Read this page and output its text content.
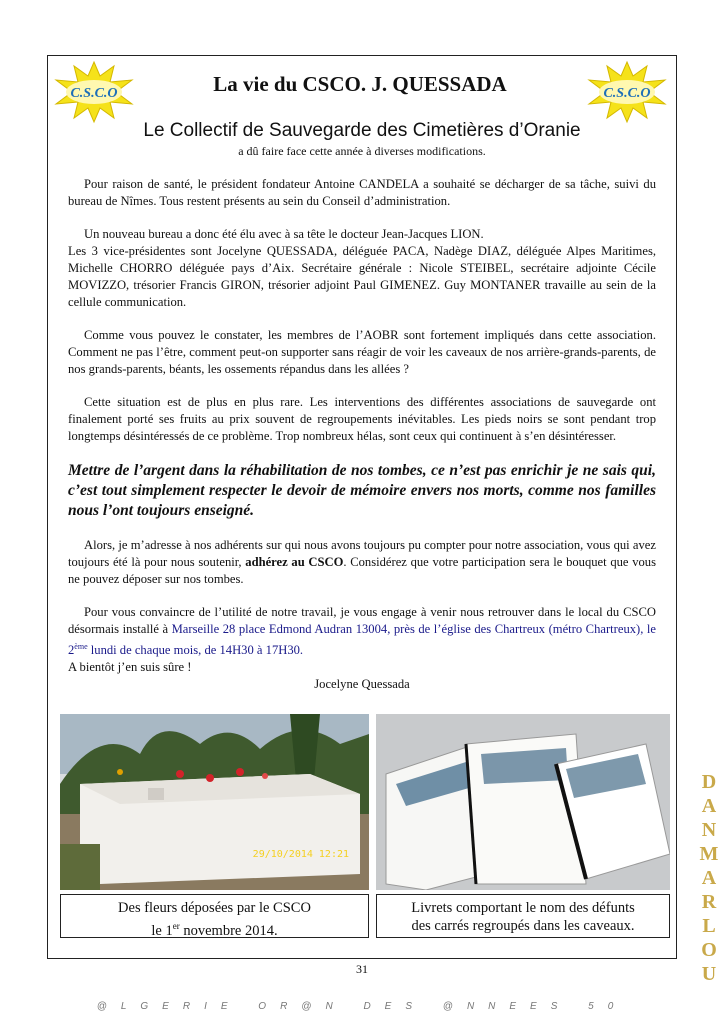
C.S.C.O	C.S.C.O
La vie du CSCO. J. QUESSADA
Le Collectif de Sauvegarde des Cimetières d’Oranie
a dû faire face cette année à diverses modifications.

Pour raison de santé, le président fondateur Antoine CANDELA a souhaité se décharger de sa tâche, suivi du bureau de Nîmes. Tous restent présents au sein du Conseil d’administration.

Un nouveau bureau a donc été élu avec à sa tête le docteur Jean-Jacques LION.
Les 3 vice-présidentes sont Jocelyne QUESSADA, déléguée PACA, Nadège DIAZ, déléguée Alpes Maritimes, Michelle CHORRO déléguée pays d’Aix. Secrétaire générale : Nicole STEIBEL, secrétaire adjointe Cécile MOVIZZO, trésorier Francis GIRON, trésorier adjoint Paul GIMENEZ. Guy MONTANER travaille au sein de la cellule communication.

Comme vous pouvez le constater, les membres de l’AOBR sont fortement impliqués dans cette association. Comment ne pas l’être, comment peut-on supporter sans réagir de voir les caveaux de nos arrière-grands-parents, de nos grands-parents, béants, les ossements répandus dans les allées ?

Cette situation est de plus en plus rare. Les interventions des différentes associations de sauvegarde ont finalement porté ses fruits au prix souvent de regroupements inévitables. Les pieds noirs se sont pendant trop longtemps désintéressés de ce problème. Trop nombreux hélas, sont ceux qui continuent à s’en désintéresser.

Mettre de l’argent dans la réhabilitation de nos tombes, ce n’est pas enrichir je ne sais qui, c’est tout simplement respecter le devoir de mémoire envers nos morts, comme nos familles nous l’ont toujours enseigné.

Alors, je m’adresse à nos adhérents sur qui nous avons toujours pu compter pour notre association, vous qui avez toujours été là pour nous soutenir, adhérez au CSCO. Considérez que votre participation sera le bouquet que vous ne pouvez déposer sur nos tombes.

Pour vous convaincre de l’utilité de notre travail, je vous engage à venir nous retrouver dans le local du CSCO désormais installé à Marseille 28 place Edmond Audran 13004, près de l’église des Chartreux (métro Chartreux), le 2ème lundi de chaque mois, de 14H30 à 17H30.

A bientôt j’en suis sûre !

Jocelyne Quessada

29/10/2014 12:21
Des fleurs déposées par le CSCO
le 1er novembre 2014.
Livrets comportant le nom des défunts
des carrés regroupés dans les caveaux.
31
@LGERIE OR@N DES @NNEES 50
D
A
N
M
A
R
L
O
U
